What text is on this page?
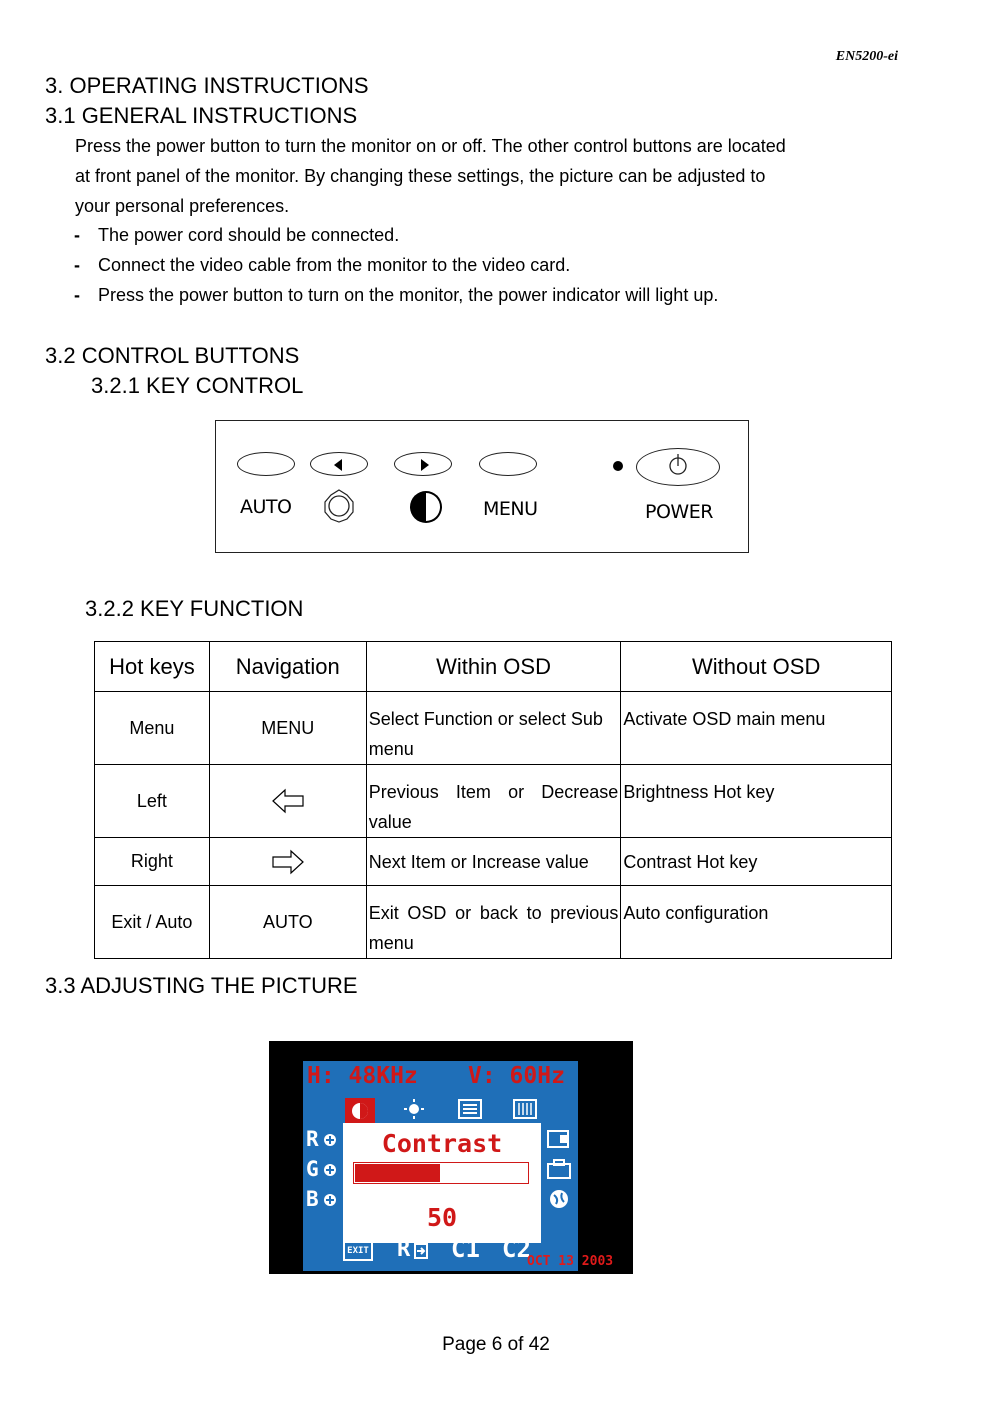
EN5200-ei
3. OPERATING INSTRUCTIONS
3.1 GENERAL INSTRUCTIONS
Press the power button to turn the monitor on or off. The other control buttons are located
at front panel of the monitor. By changing these settings, the picture can be adjusted to
your personal preferences.
- The power cord should be connected.
- Connect the video cable from the monitor to the video card.
- Press the power button to turn on the monitor, the power indicator will light up.
3.2 CONTROL BUTTONS
3.2.1 KEY CONTROL
AUTO	MENU	POWER
3.2.2 KEY FUNCTION
Hot keys	Navigation	Within OSD	Without OSD
Menu	MENU	Select Function or select Sub menu	Activate OSD main menu
Left		Previous Item or Decrease value	Brightness Hot key
Right		Next Item or Increase value	Contrast Hot key
Exit / Auto	AUTO	Exit OSD or back to previous menu	Auto configuration
3.3 ADJUSTING THE PICTURE
H: 48KHz V: 60Hz
R
G
B
Contrast
50
EXIT R C1 C2
OCT 13 2003
Page 6 of 42
